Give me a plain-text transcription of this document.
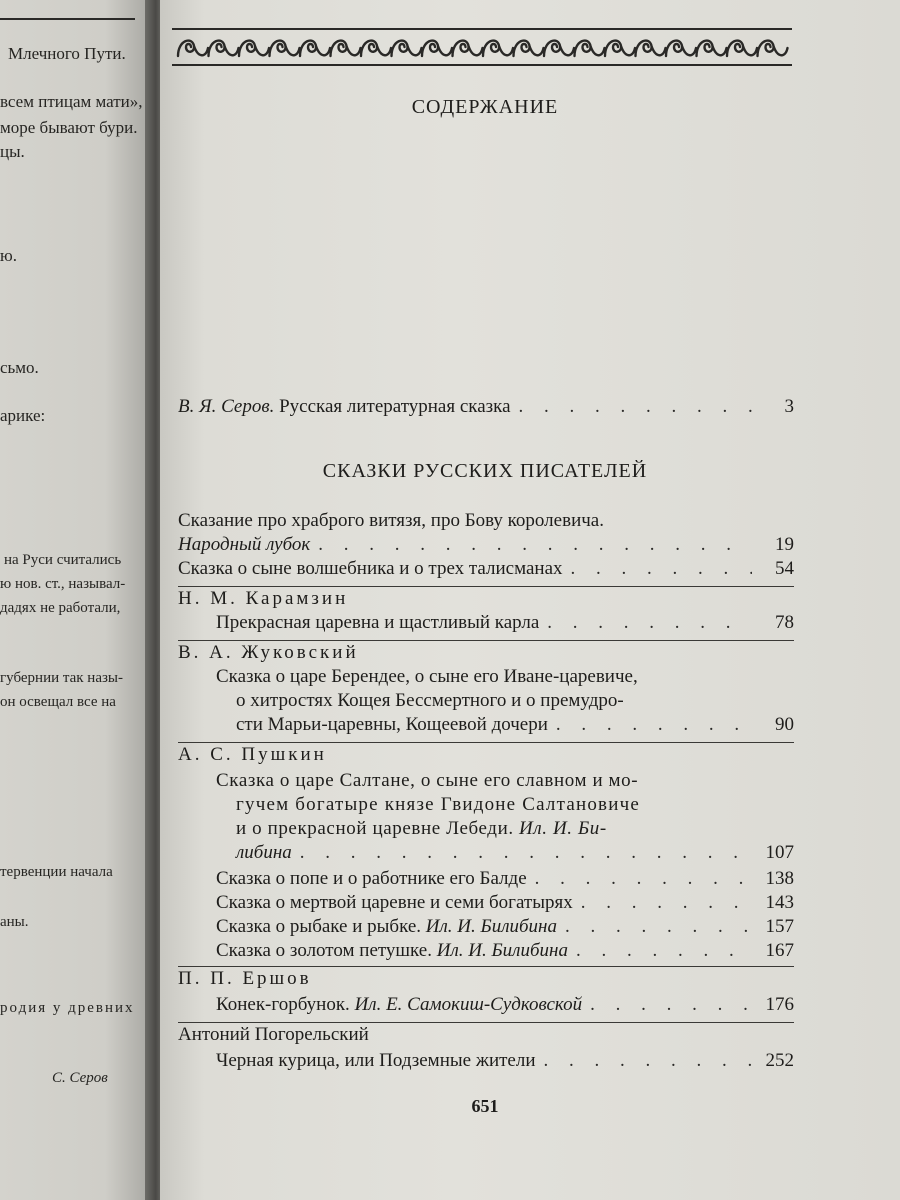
Млечного Пути.
всем птицам мати»,
море бывают бури.
цы.
ю.
сьмо.
арике:
на Руси считались
ю нов. ст., называл-
дадях не работали,
губернии так назы-
он освещал все на
тервенции начала
аны.
родия у древних
С. Серов
СОДЕРЖАНИЕ
В. Я. Серов. Русская литературная сказка . . .	3
СКАЗКИ РУССКИХ ПИСАТЕЛЕЙ
Сказание про храброго витязя, про Бову королевича.
Народный лубок . . .	19
Сказка о сыне волшебника и о трех талисманах . . .	54
Н. М. Карамзин
Прекрасная царевна и щастливый карла . . .	78
В. А. Жуковский
Сказка о царе Берендее, о сыне его Иване-царевиче,
о хитростях Кощея Бессмертного и о премудро-
сти Марьи-царевны, Кощеевой дочери . . .	90
А. С. Пушкин
Сказка о царе Салтане, о сыне его славном и мо-
гучем богатыре князе Гвидоне Салтановиче
и о прекрасной царевне Лебеди. Ил. И. Би-
либина . . .	107
Сказка о попе и о работнике его Балде . . .	138
Сказка о мертвой царевне и семи богатырях . . .	143
Сказка о рыбаке и рыбке. Ил. И. Билибина . . .	157
Сказка о золотом петушке. Ил. И. Билибина . . .	167
П. П. Ершов
Конек-горбунок. Ил. Е. Самокиш-Судковской . . .	176
Антоний Погорельский
Черная курица, или Подземные жители . . .	252
651
